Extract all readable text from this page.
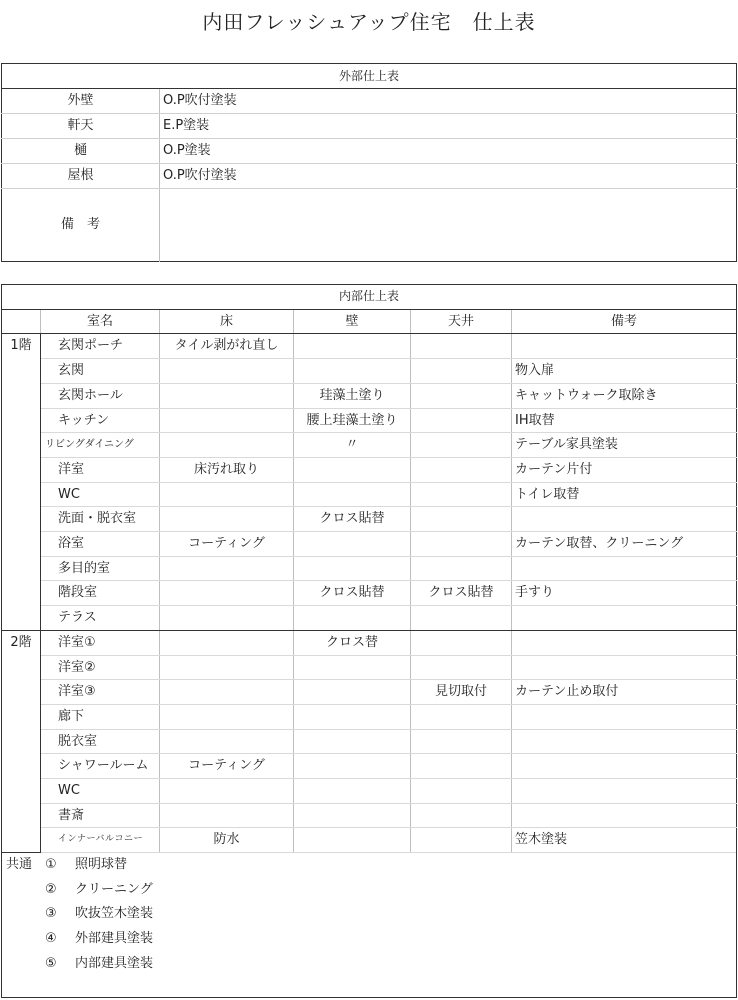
内田フレッシュアップ住宅　仕上表
外部仕上表	
外壁	O.P吹付塗装
軒天	E.P塗装
樋	O.P塗装
屋根	O.P吹付塗装
備　考	
内部仕上表					
	室名	床	壁	天井	備考
1階	玄関ポーチ	タイル剥がれ直し			
	玄関				物入扉
	玄関ホール		珪藻土塗り		キャットウォーク取除き
	キッチン		腰上珪藻土塗り		IH取替
	リビングダイニング		〃		テーブル家具塗装
	洋室	床汚れ取り			カーテン片付
	WC				トイレ取替
	洗面・脱衣室		クロス貼替		
	浴室	コーティング			カーテン取替、クリーニング
	多目的室				
	階段室		クロス貼替	クロス貼替	手すり
	テラス				
2階	洋室①		クロス替		
	洋室②				
	洋室③			見切取付	カーテン止め取付
	廊下				
	脱衣室				
	シャワールーム	コーティング			
	WC				
	書斎				
	インナーバルコニー	防水			笠木塗装
共通 ① 照明球替
② クリーニング
③ 吹抜笠木塗装
④ 外部建具塗装
⑤ 内部建具塗装
